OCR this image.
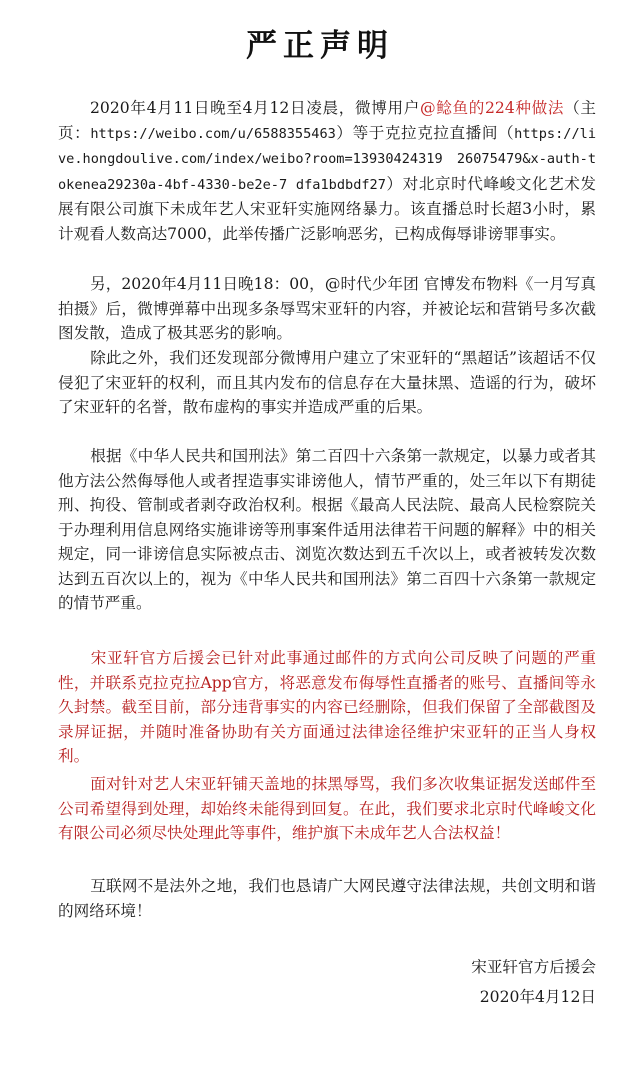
严正声明

2020年4月11日晚至4月12日凌晨，微博用户@鲶鱼的224种做法（主页：https://weibo.com/u/6588355463）等于克拉克拉直播间（https://live.hongdoulive.com/index/weibo?room=13930424319 26075479&x-auth-tokenea29230a-4bf-4330-be2e-7 dfa1bdbdf27）对北京时代峰峻文化艺术发展有限公司旗下未成年艺人宋亚轩实施网络暴力。该直播总时长超3小时，累计观看人数高达7000，此举传播广泛影响恶劣，已构成侮辱诽谤罪事实。

另，2020年4月11日晚18：00，@时代少年团 官博发布物料《一月写真拍摄》后，微博弹幕中出现多条辱骂宋亚轩的内容，并被论坛和营销号多次截图发散，造成了极其恶劣的影响。

除此之外，我们还发现部分微博用户建立了宋亚轩的“黑超话”该超话不仅侵犯了宋亚轩的权利，而且其内发布的信息存在大量抹黑、造谣的行为，破坏了宋亚轩的名誉，散布虚构的事实并造成严重的后果。

根据《中华人民共和国刑法》第二百四十六条第一款规定，以暴力或者其他方法公然侮辱他人或者捏造事实诽谤他人，情节严重的，处三年以下有期徒刑、拘役、管制或者剥夺政治权利。根据《最高人民法院、最高人民检察院关于办理利用信息网络实施诽谤等刑事案件适用法律若干问题的解释》中的相关规定，同一诽谤信息实际被点击、浏览次数达到五千次以上，或者被转发次数达到五百次以上的，视为《中华人民共和国刑法》第二百四十六条第一款规定的情节严重。

宋亚轩官方后援会已针对此事通过邮件的方式向公司反映了问题的严重性，并联系克拉克拉App官方，将恶意发布侮辱性直播者的账号、直播间等永久封禁。截至目前，部分违背事实的内容已经删除，但我们保留了全部截图及录屏证据，并随时准备协助有关方面通过法律途径维护宋亚轩的正当人身权利。

面对针对艺人宋亚轩铺天盖地的抹黑辱骂，我们多次收集证据发送邮件至公司希望得到处理，却始终未能得到回复。在此，我们要求北京时代峰峻文化有限公司必须尽快处理此等事件，维护旗下未成年艺人合法权益！

互联网不是法外之地，我们也恳请广大网民遵守法律法规，共创文明和谐的网络环境！

宋亚轩官方后援会
2020年4月12日
